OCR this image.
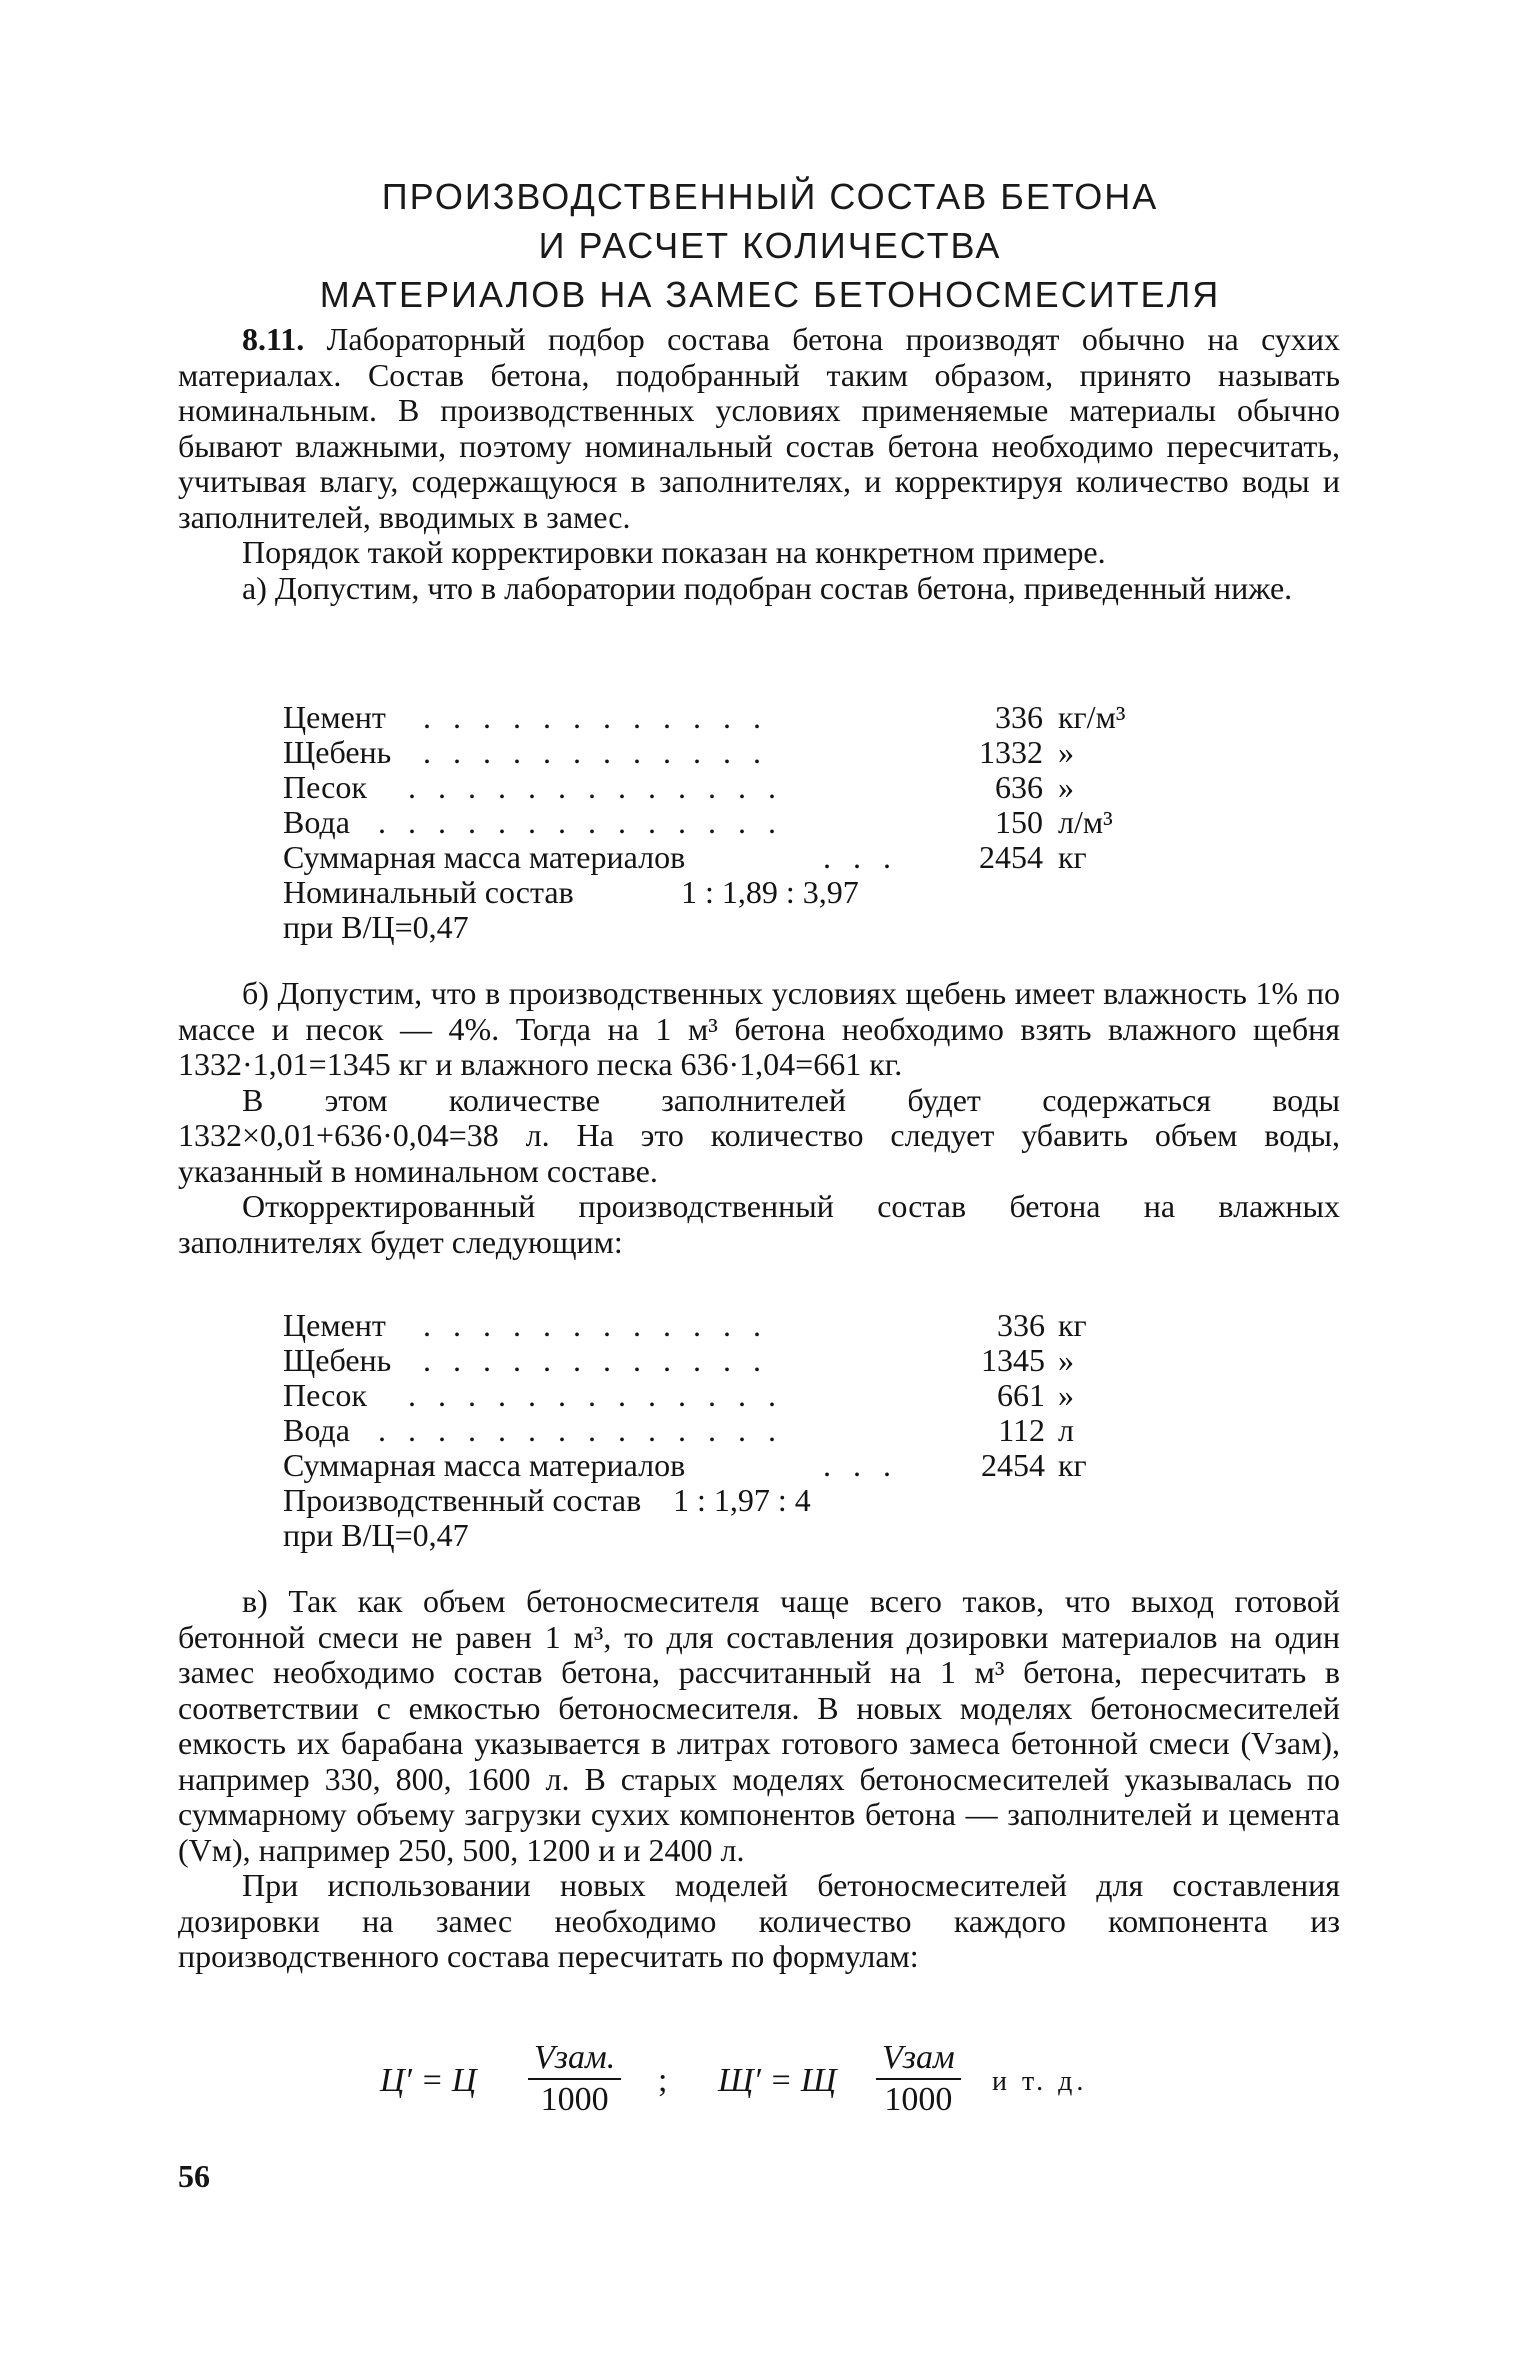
ПРОИЗВОДСТВЕННЫЙ СОСТАВ БЕТОНА
И РАСЧЕТ КОЛИЧЕСТВА
МАТЕРИАЛОВ НА ЗАМЕС БЕТОНОСМЕСИТЕЛЯ

8.11. Лабораторный подбор состава бетона производят обычно на сухих материалах. Состав бетона, подобранный таким образом, принято называть номинальным. В производственных условиях применяемые материалы обычно бывают влажными, поэтому номинальный состав бетона необходимо пересчитать, учитывая влагу, содержащуюся в заполнителях, и корректируя количество воды и заполнителей, вводимых в замес.

Порядок такой корректировки показан на конкретном примере.

а) Допустим, что в лаборатории подобран состав бетона, приведенный ниже.

Цемент . . . . . . . . . . . .	336 кг/м³
Щебень . . . . . . . . . . . .	1332 »
Песок . . . . . . . . . . . . .	636 »
Вода . . . . . . . . . . . . . .	150 л/м³
Суммарная масса материалов	. . .	2454 кг
Номинальный состав	1 : 1,89 : 3,97
при В/Ц=0,47

б) Допустим, что в производственных условиях щебень имеет влажность 1% по массе и песок — 4%. Тогда на 1 м³ бетона необходимо взять влажного щебня 1332·1,01=1345 кг и влажного песка 636·1,04=661 кг.

В этом количестве заполнителей будет содержаться воды 1332×0,01+636·0,04=38 л. На это количество следует убавить объем воды, указанный в номинальном составе.

Откорректированный производственный состав бетона на влажных заполнителях будет следующим:

Цемент . . . . . . . . . . . .	336 кг
Щебень . . . . . . . . . . . .	1345 »
Песок . . . . . . . . . . . . .	661 »
Вода . . . . . . . . . . . . . .	112 л
Суммарная масса материалов	. . .	2454 кг
Производственный состав 1 : 1,97 : 4
при В/Ц=0,47

в) Так как объем бетоносмесителя чаще всего таков, что выход готовой бетонной смеси не равен 1 м³, то для составления дозировки материалов на один замес необходимо состав бетона, рассчитанный на 1 м³ бетона, пересчитать в соответствии с емкостью бетоносмесителя. В новых моделях бетоносмесителей емкость их барабана указывается в литрах готового замеса бетонной смеси (Vзам), например 330, 800, 1600 л. В старых моделях бетоносмесителей указывалась по суммарному объему загрузки сухих компонентов бетона — заполнителей и цемента (Vм), например 250, 500, 1200 и и 2400 л.

При использовании новых моделей бетоносмесителей для составления дозировки на замес необходимо количество каждого компонента из производственного состава пересчитать по формулам:

Ц′ = Ц
Vзам.
1000
; Щ′ = Щ
Vзам
1000 и т. д.
56
